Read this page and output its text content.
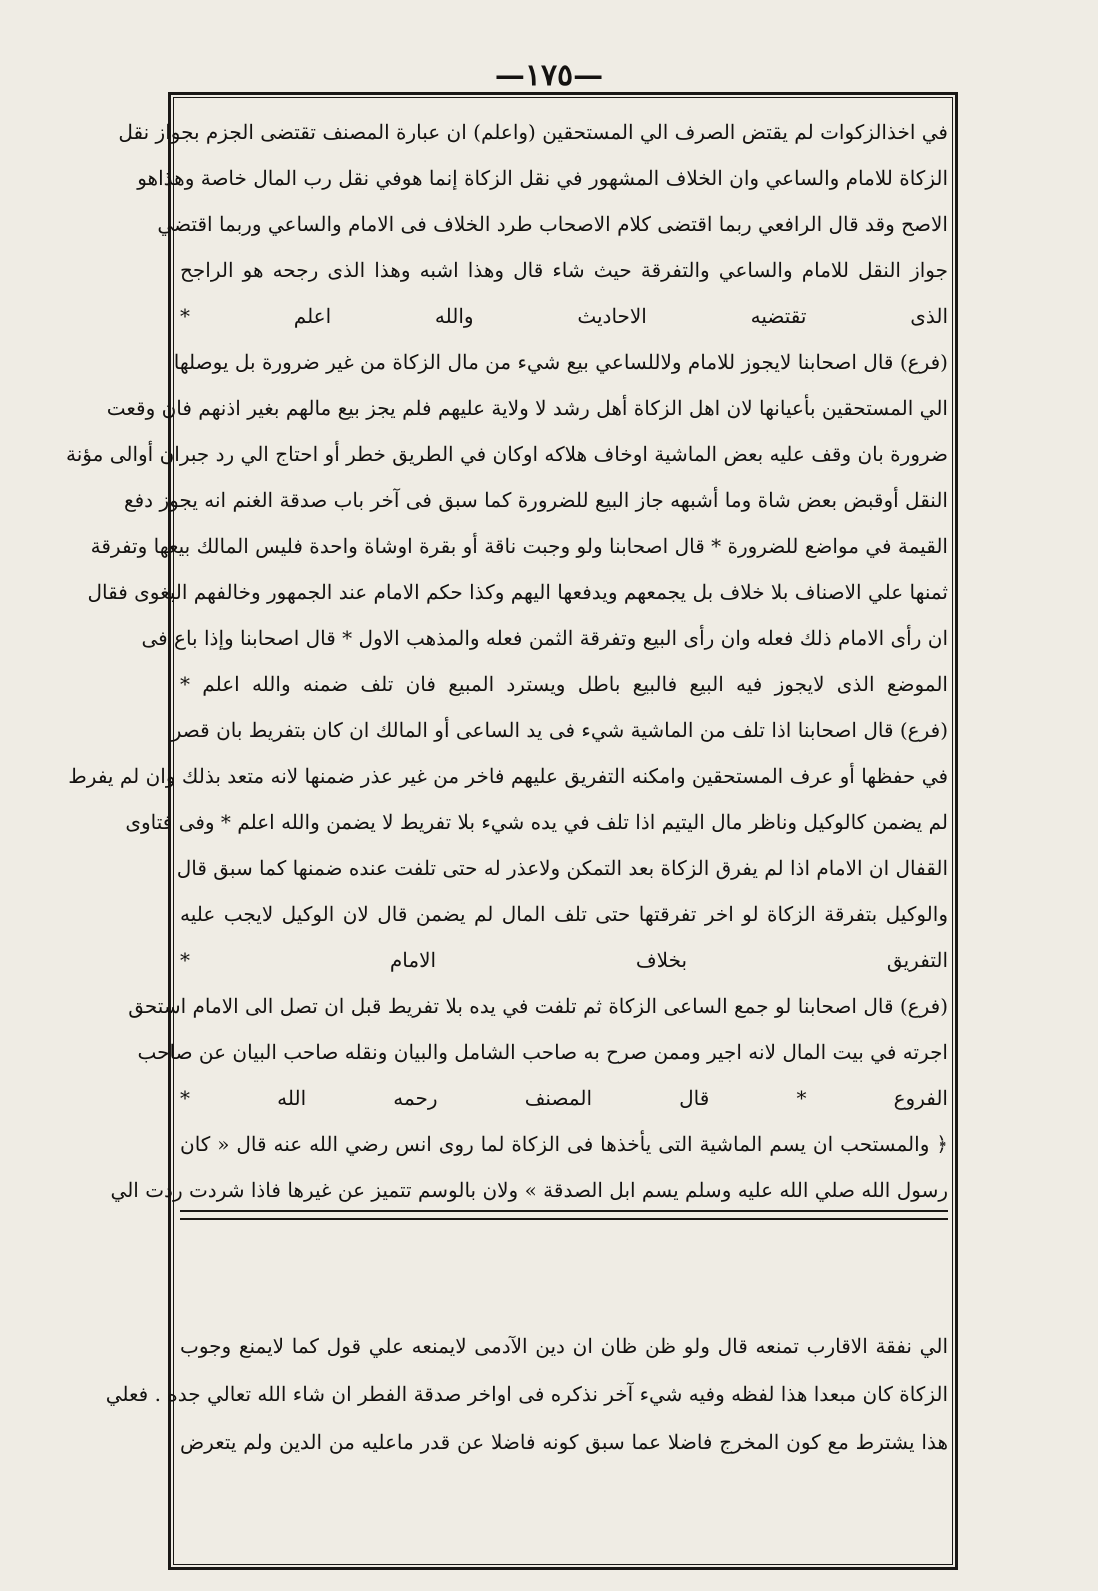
—١٧٥—
في اخذالزكوات لم يقتض الصرف الي المستحقين (واعلم) ان عبارة المصنف تقتضى الجزم بجواز نقل
الزكاة للامام والساعي وان الخلاف المشهور في نقل الزكاة إنما هوفي نقل رب المال خاصة وهذاهو
الاصح وقد قال الرافعي ربما اقتضى كلام الاصحاب طرد الخلاف فى الامام والساعي وربما اقتضي
جواز النقل للامام والساعي والتفرقة حيث شاء قال وهذا اشبه وهذا الذى رجحه هو الراجح
الذى تقتضيه الاحاديث والله اعلم *
(فرع) قال اصحابنا لايجوز للامام ولاللساعي بيع شيء من مال الزكاة من غير ضرورة بل يوصلها
الي المستحقين بأعيانها لان اهل الزكاة أهل رشد لا ولاية عليهم فلم يجز بيع مالهم بغير اذنهم فان وقعت
ضرورة بان وقف عليه بعض الماشية اوخاف هلاكه اوكان في الطريق خطر أو احتاج الي رد جبران أوالى مؤنة
النقل أوقبض بعض شاة وما أشبهه جاز البيع للضرورة كما سبق فى آخر باب صدقة الغنم انه يجوز دفع
القيمة في مواضع للضرورة * قال اصحابنا ولو وجبت ناقة أو بقرة اوشاة واحدة فليس المالك بيعها وتفرقة
ثمنها علي الاصناف بلا خلاف بل يجمعهم ويدفعها اليهم وكذا حكم الامام عند الجمهور وخالفهم البغوى فقال
ان رأى الامام ذلك فعله وان رأى البيع وتفرقة الثمن فعله والمذهب الاول * قال اصحابنا وإذا باع فى
الموضع الذى لايجوز فيه البيع فالبيع باطل ويسترد المبيع فان تلف ضمنه والله اعلم *
(فرع) قال اصحابنا اذا تلف من الماشية شيء فى يد الساعى أو المالك ان كان بتفريط بان قصر
في حفظها أو عرف المستحقين وامكنه التفريق عليهم فاخر من غير عذر ضمنها لانه متعد بذلك وان لم يفرط
لم يضمن كالوكيل وناظر مال اليتيم اذا تلف في يده شيء بلا تفريط لا يضمن والله اعلم * وفى فتاوى
القفال ان الامام اذا لم يفرق الزكاة بعد التمكن ولاعذر له حتى تلفت عنده ضمنها كما سبق قال
والوكيل بتفرقة الزكاة لو اخر تفرقتها حتى تلف المال لم يضمن قال لان الوكيل لايجب عليه
التفريق بخلاف الامام *
(فرع) قال اصحابنا لو جمع الساعى الزكاة ثم تلفت في يده بلا تفريط قبل ان تصل الى الامام استحق
اجرته في بيت المال لانه اجير وممن صرح به صاحب الشامل والبيان ونقله صاحب البيان عن صاحب
الفروع * قال المصنف رحمه الله *
﴿ والمستحب ان يسم الماشية التى يأخذها فى الزكاة لما روى انس رضي الله عنه قال « كان
رسول الله صلي الله عليه وسلم يسم ابل الصدقة » ولان بالوسم تتميز عن غيرها فاذا شردت ردت الي
الي نفقة الاقارب تمنعه قال ولو ظن ظان ان دين الآدمى لايمنعه علي قول كما لايمنع وجوب
الزكاة كان مبعدا هذا لفظه وفيه شيء آخر نذكره فى اواخر صدقة الفطر ان شاء الله تعالي جده . فعلي
هذا يشترط مع كون المخرج فاضلا عما سبق كونه فاضلا عن قدر ماعليه من الدين ولم يتعرض
